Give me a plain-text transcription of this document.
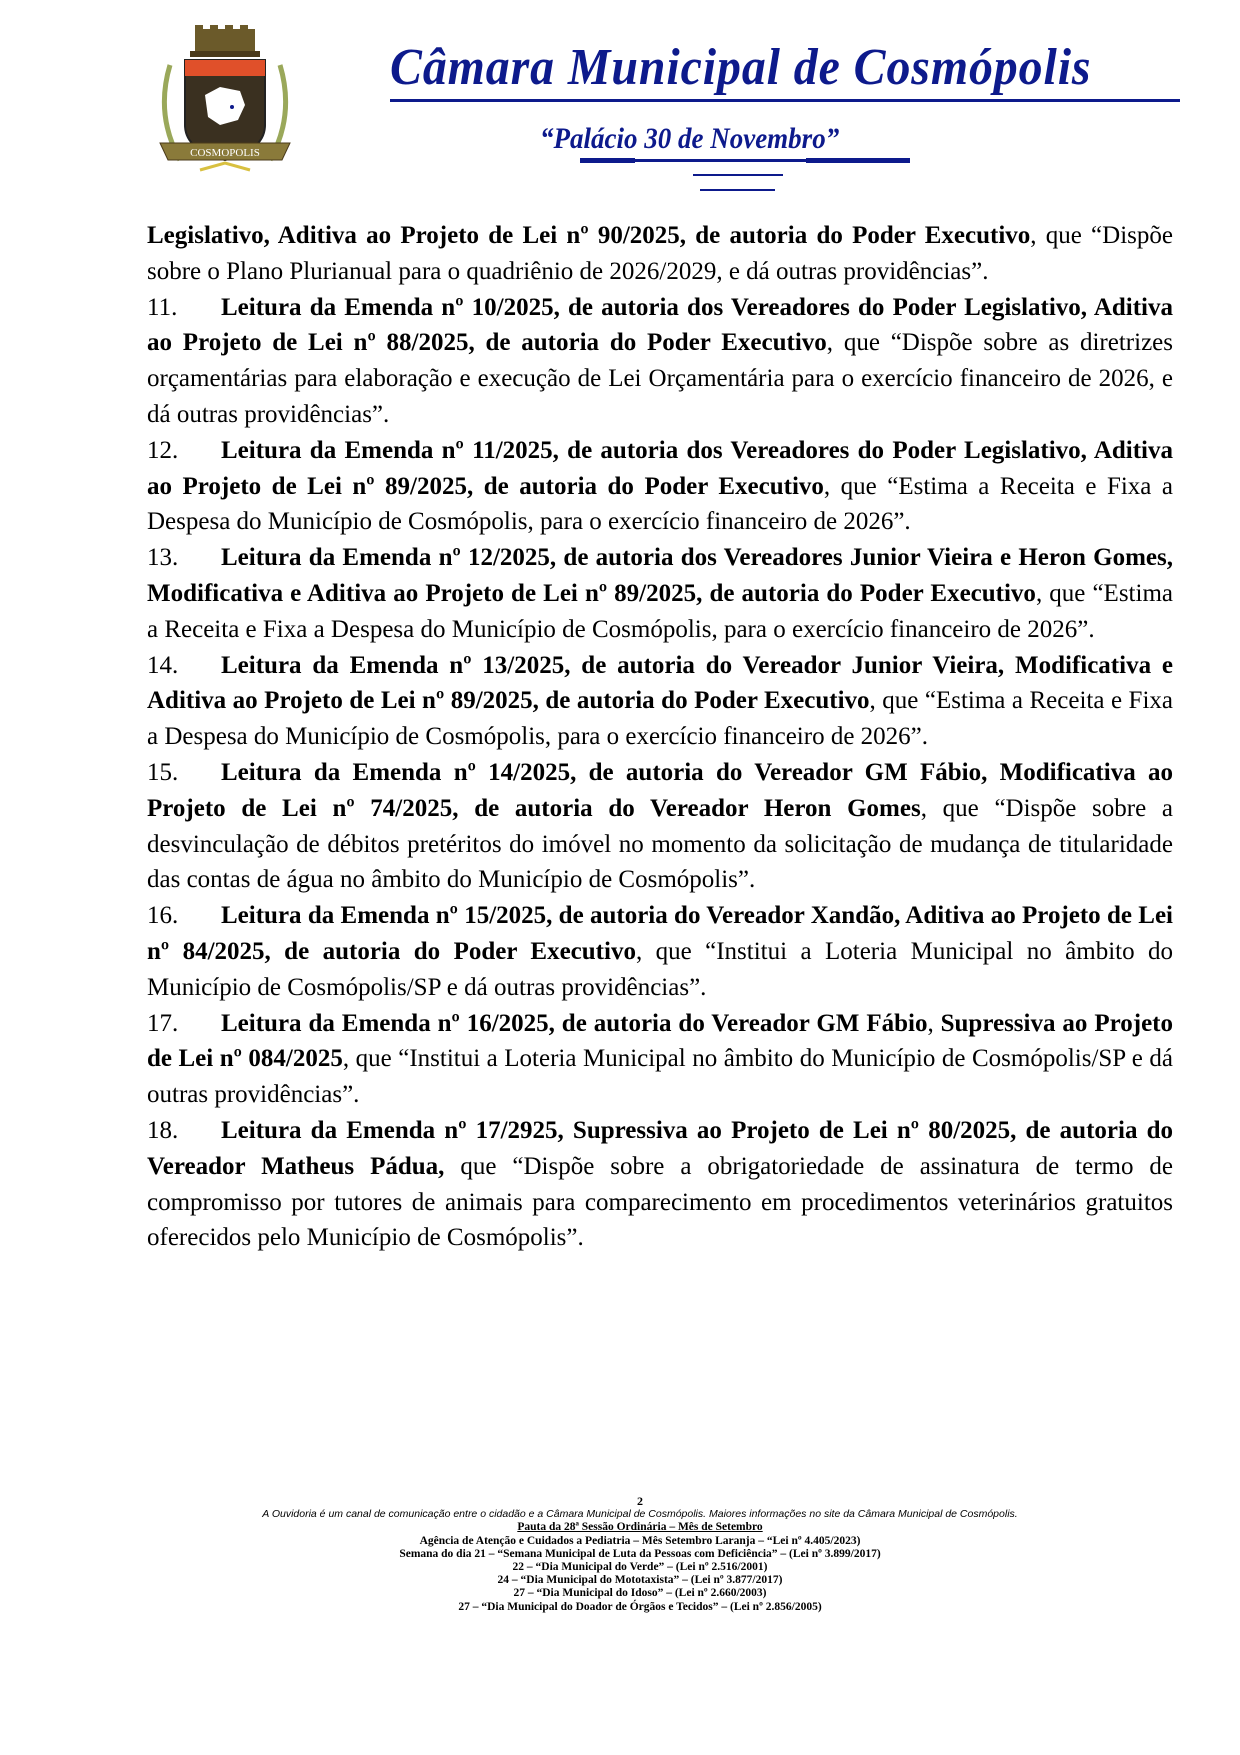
COSMOPOLIS
Câmara Municipal de Cosmópolis
“Palácio 30 de Novembro”

Legislativo, Aditiva ao Projeto de Lei nº 90/2025, de autoria do Poder Executivo, que “Dispõe sobre o Plano Plurianual para o quadriênio de 2026/2029, e dá outras providências”.

11. Leitura da Emenda nº 10/2025, de autoria dos Vereadores do Poder Legislativo, Aditiva ao Projeto de Lei nº 88/2025, de autoria do Poder Executivo, que “Dispõe sobre as diretrizes orçamentárias para elaboração e execução de Lei Orçamentária para o exercício financeiro de 2026, e dá outras providências”.

12. Leitura da Emenda nº 11/2025, de autoria dos Vereadores do Poder Legislativo, Aditiva ao Projeto de Lei nº 89/2025, de autoria do Poder Executivo, que “Estima a Receita e Fixa a Despesa do Município de Cosmópolis, para o exercício financeiro de 2026”.

13. Leitura da Emenda nº 12/2025, de autoria dos Vereadores Junior Vieira e Heron Gomes, Modificativa e Aditiva ao Projeto de Lei nº 89/2025, de autoria do Poder Executivo, que “Estima a Receita e Fixa a Despesa do Município de Cosmópolis, para o exercício financeiro de 2026”.

14. Leitura da Emenda nº 13/2025, de autoria do Vereador Junior Vieira, Modificativa e Aditiva ao Projeto de Lei nº 89/2025, de autoria do Poder Executivo, que “Estima a Receita e Fixa a Despesa do Município de Cosmópolis, para o exercício financeiro de 2026”.

15. Leitura da Emenda nº 14/2025, de autoria do Vereador GM Fábio, Modificativa ao Projeto de Lei nº 74/2025, de autoria do Vereador Heron Gomes, que “Dispõe sobre a desvinculação de débitos pretéritos do imóvel no momento da solicitação de mudança de titularidade das contas de água no âmbito do Município de Cosmópolis”.

16. Leitura da Emenda nº 15/2025, de autoria do Vereador Xandão, Aditiva ao Projeto de Lei nº 84/2025, de autoria do Poder Executivo, que “Institui a Loteria Municipal no âmbito do Município de Cosmópolis/SP e dá outras providências”.

17. Leitura da Emenda nº 16/2025, de autoria do Vereador GM Fábio, Supressiva ao Projeto de Lei nº 084/2025, que “Institui a Loteria Municipal no âmbito do Município de Cosmópolis/SP e dá outras providências”.

18. Leitura da Emenda nº 17/2925, Supressiva ao Projeto de Lei nº 80/2025, de autoria do Vereador Matheus Pádua, que “Dispõe sobre a obrigatoriedade de assinatura de termo de compromisso por tutores de animais para comparecimento em procedimentos veterinários gratuitos oferecidos pelo Município de Cosmópolis”.

2
A Ouvidoria é um canal de comunicação entre o cidadão e a Câmara Municipal de Cosmópolis. Maiores informações no site da Câmara Municipal de Cosmópolis.
Pauta da 28ª Sessão Ordinária – Mês de Setembro
Agência de Atenção e Cuidados a Pediatria – Mês Setembro Laranja – “Lei nº 4.405/2023)
Semana do dia 21 – “Semana Municipal de Luta da Pessoas com Deficiência” – (Lei nº 3.899/2017)
22 – “Dia Municipal do Verde” – (Lei nº 2.516/2001)
24 – “Dia Municipal do Mototaxista” – (Lei nº 3.877/2017)
27 – “Dia Municipal do Idoso” – (Lei nº 2.660/2003)
27 – “Dia Municipal do Doador de Órgãos e Tecidos” – (Lei nº 2.856/2005)
